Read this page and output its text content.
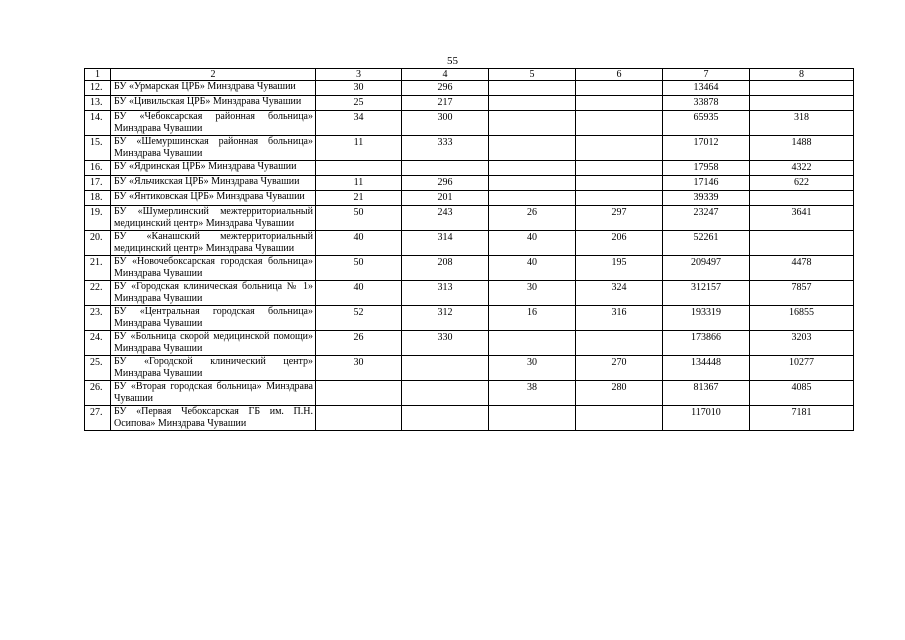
55
1	2	3	4	5	6	7	8
12.	БУ «Урмарская ЦРБ» Минздрава Чувашии	30	296			13464	
13.	БУ «Цивильская ЦРБ» Минздрава Чувашии	25	217			33878	
14.	БУ «Чебоксарская районная больница» Минздрава Чувашии	34	300			65935	318
15.	БУ «Шемуршинская районная больница» Минздрава Чувашии	11	333			17012	1488
16.	БУ «Ядринская ЦРБ» Минздрава Чувашии					17958	4322
17.	БУ «Яльчикская ЦРБ» Минздрава Чувашии	11	296			17146	622
18.	БУ «Янтиковская ЦРБ» Минздрава Чувашии	21	201			39339	
19.	БУ «Шумерлинский межтерриториальный медицинский центр» Минздрава Чувашии	50	243	26	297	23247	3641
20.	БУ «Канашский межтерриториальный медицинский центр» Минздрава Чувашии	40	314	40	206	52261	
21.	БУ «Новочебоксарская городская больница» Минздрава Чувашии	50	208	40	195	209497	4478
22.	БУ «Городская клиническая больница № 1» Минздрава Чувашии	40	313	30	324	312157	7857
23.	БУ «Центральная городская больница» Минздрава Чувашии	52	312	16	316	193319	16855
24.	БУ «Больница скорой медицинской помощи» Минздрава Чувашии	26	330			173866	3203
25.	БУ «Городской клинический центр» Минздрава Чувашии	30		30	270	134448	10277
26.	БУ «Вторая городская больница» Минздрава Чувашии			38	280	81367	4085
27.	БУ «Первая Чебоксарская ГБ им. П.Н. Осипова» Минздрава Чувашии					117010	7181
